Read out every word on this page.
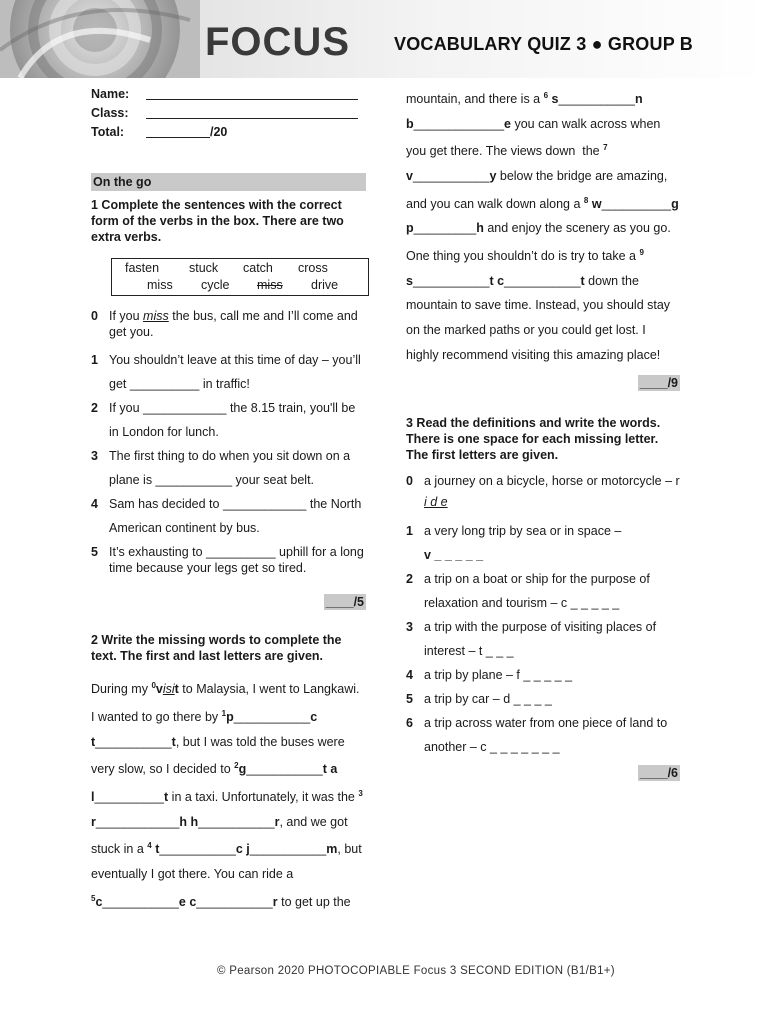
FOCUS VOCABULARY QUIZ 3 ● GROUP B
Name:
Class:
Total:	/20
On the go
1 Complete the sentences with the correct form of the verbs in the box. There are two extra verbs.
fasten stuck catch cross
miss cycle miss drive
0 If you miss the bus, call me and I’ll come and get you.
1 You shouldn’t leave at this time of day – you’ll get __________ in traffic!
2 If you ____________ the 8.15 train, you'll be in London for lunch.
3 The first thing to do when you sit down on a plane is ___________ your seat belt.
4 Sam has decided to ____________ the North American continent by bus.
5 It’s exhausting to __________ uphill for a long time because your legs get so tired.
____/5
2 Write the missing words to complete the text. The first and last letters are given.
During my $^0$visit to Malaysia, I went to Langkawi. I wanted to go there by $^1$p___________c t___________t, but I was told the buses were very slow, so I decided to $^2$g___________t a l__________t in a taxi. Unfortunately, it was the $^3$ r____________h h___________r, and we got stuck in a $^4$ t___________c j___________m, but eventually I got there. You can ride a $^5$c___________e c___________r to get up the
mountain, and there is a $^6$ s___________n b_____________e you can walk across when you get there. The views down  the $^7$ v___________y below the bridge are amazing, and you can walk down along a $^8$ w__________g p_________h and enjoy the scenery as you go. One thing you shouldn’t do is try to take a $^9$ s___________t c___________t down the mountain to save time. Instead, you should stay on the marked paths or you could get lost. I highly recommend visiting this amazing place!
____/9
3 Read the definitions and write the words. There is one space for each missing letter. The first letters are given.
0 a journey on a bicycle, horse or motorcycle – r i d e
1 a very long trip by sea or in space –
v _ _ _ _ _
2 a trip on a boat or ship for the purpose of relaxation and tourism – c _ _ _ _ _
3 a trip with the purpose of visiting places of interest – t _ _ _
4 a trip by plane – f _ _ _ _ _
5 a trip by car – d _ _ _ _
6 a trip across water from one piece of land to another – c _ _ _ _ _ _ _
____/6
© Pearson 2020 PHOTOCOPIABLE Focus 3 SECOND EDITION (B1/B1+)
